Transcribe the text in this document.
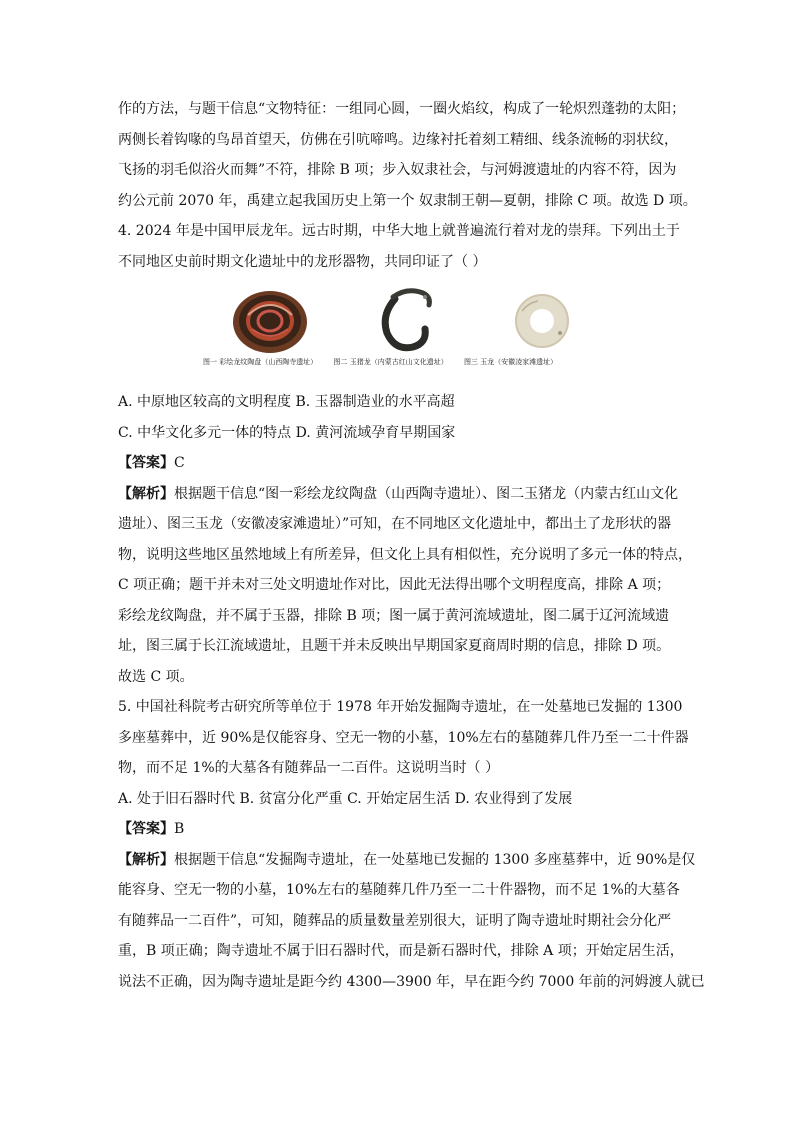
作的方法，与题干信息“文物特征：一组同心圆，一圈火焰纹，构成了一轮炽烈蓬勃的太阳；
两侧长着钩喙的鸟昂首望天，仿佛在引吭啼鸣。边缘衬托着刻工精细、线条流畅的羽状纹，
飞扬的羽毛似浴火而舞”不符，排除 B 项；步入奴隶社会，与河姆渡遗址的内容不符，因为
约公元前 2070 年，禹建立起我国历史上第一个 奴隶制王朝—夏朝，排除 C 项。故选 D 项。
4. 2024 年是中国甲辰龙年。远古时期，中华大地上就普遍流行着对龙的崇拜。下列出土于
不同地区史前时期文化遗址中的龙形器物，共同印证了（ ）
图一 彩绘龙纹陶盘（山西陶寺遗址） 图二 玉猪龙（内蒙古红山文化遗址） 图三 玉龙（安徽凌家滩遗址）
A. 中原地区较高的文明程度 B. 玉器制造业的水平高超
C. 中华文化多元一体的特点 D. 黄河流域孕育早期国家
【答案】C
【解析】根据题干信息“图一彩绘龙纹陶盘（山西陶寺遗址）、图二玉猪龙（内蒙古红山文化
遗址）、图三玉龙（安徽凌家滩遗址）”可知，在不同地区文化遗址中，都出土了龙形状的器
物，说明这些地区虽然地域上有所差异，但文化上具有相似性，充分说明了多元一体的特点，
C 项正确；题干并未对三处文明遗址作对比，因此无法得出哪个文明程度高，排除 A 项；
彩绘龙纹陶盘，并不属于玉器，排除 B 项；图一属于黄河流域遗址，图二属于辽河流域遗
址，图三属于长江流域遗址，且题干并未反映出早期国家夏商周时期的信息，排除 D 项。
故选 C 项。
5. 中国社科院考古研究所等单位于 1978 年开始发掘陶寺遗址，在一处墓地已发掘的 1300
多座墓葬中，近 90%是仅能容身、空无一物的小墓，10%左右的墓随葬几件乃至一二十件器
物，而不足 1%的大墓各有随葬品一二百件。这说明当时（ ）
A. 处于旧石器时代 B. 贫富分化严重 C. 开始定居生活 D. 农业得到了发展
【答案】B
【解析】根据题干信息“发掘陶寺遗址，在一处墓地已发掘的 1300 多座墓葬中，近 90%是仅
能容身、空无一物的小墓，10%左右的墓随葬几件乃至一二十件器物，而不足 1%的大墓各
有随葬品一二百件”，可知，随葬品的质量数量差别很大，证明了陶寺遗址时期社会分化严
重，B 项正确；陶寺遗址不属于旧石器时代，而是新石器时代，排除 A 项；开始定居生活，
说法不正确，因为陶寺遗址是距今约 4300—3900 年，早在距今约 7000 年前的河姆渡人就已
